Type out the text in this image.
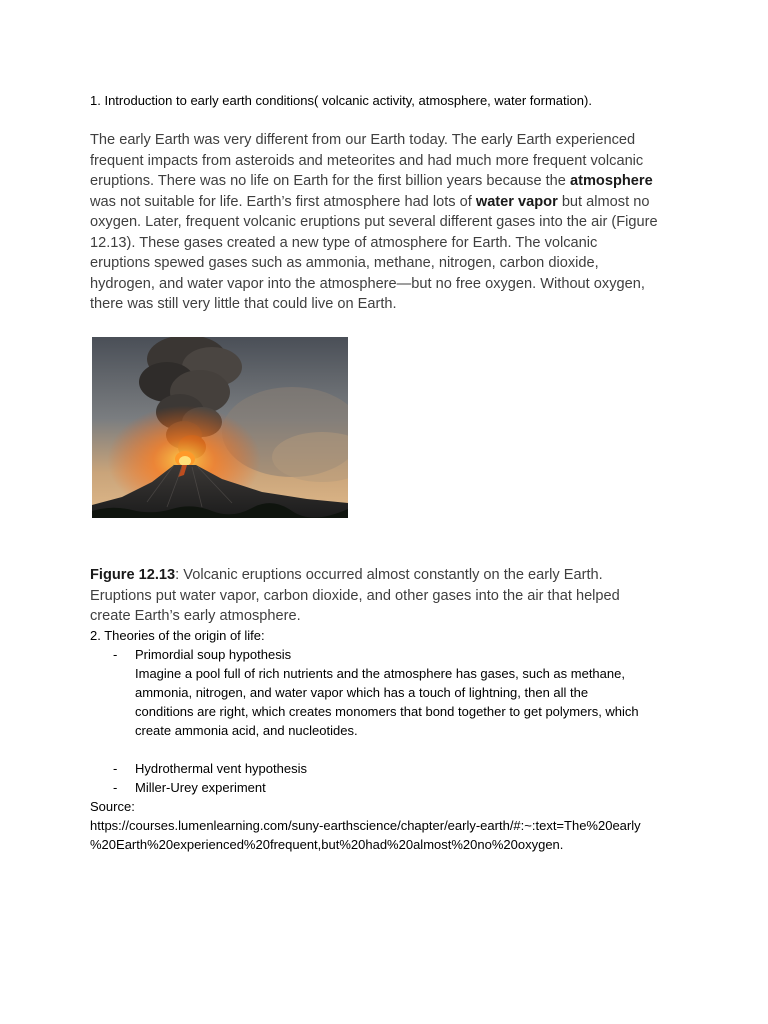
1. Introduction to early earth conditions( volcanic activity, atmosphere, water formation).
The early Earth was very different from our Earth today. The early Earth experienced
frequent impacts from asteroids and meteorites and had much more frequent volcanic
eruptions. There was no life on Earth for the first billion years because the atmosphere
was not suitable for life. Earth’s first atmosphere had lots of water vapor but almost no
oxygen. Later, frequent volcanic eruptions put several different gases into the air (Figure
12.13). These gases created a new type of atmosphere for Earth. The volcanic
eruptions spewed gases such as ammonia, methane, nitrogen, carbon dioxide,
hydrogen, and water vapor into the atmosphere—but no free oxygen. Without oxygen,
there was still very little that could live on Earth.
Figure 12.13: Volcanic eruptions occurred almost constantly on the early Earth.
Eruptions put water vapor, carbon dioxide, and other gases into the air that helped
create Earth’s early atmosphere.
2. Theories of the origin of life:
- Primordial soup hypothesis
Imagine a pool full of rich nutrients and the atmosphere has gases, such as methane,
ammonia, nitrogen, and water vapor which has a touch of lightning, then all the
conditions are right, which creates monomers that bond together to get polymers, which
create ammonia acid, and nucleotides.
- Hydrothermal vent hypothesis
- Miller-Urey experiment
Source:
https://courses.lumenlearning.com/suny-earthscience/chapter/early-earth/#:~:text=The%20early
%20Earth%20experienced%20frequent,but%20had%20almost%20no%20oxygen.
